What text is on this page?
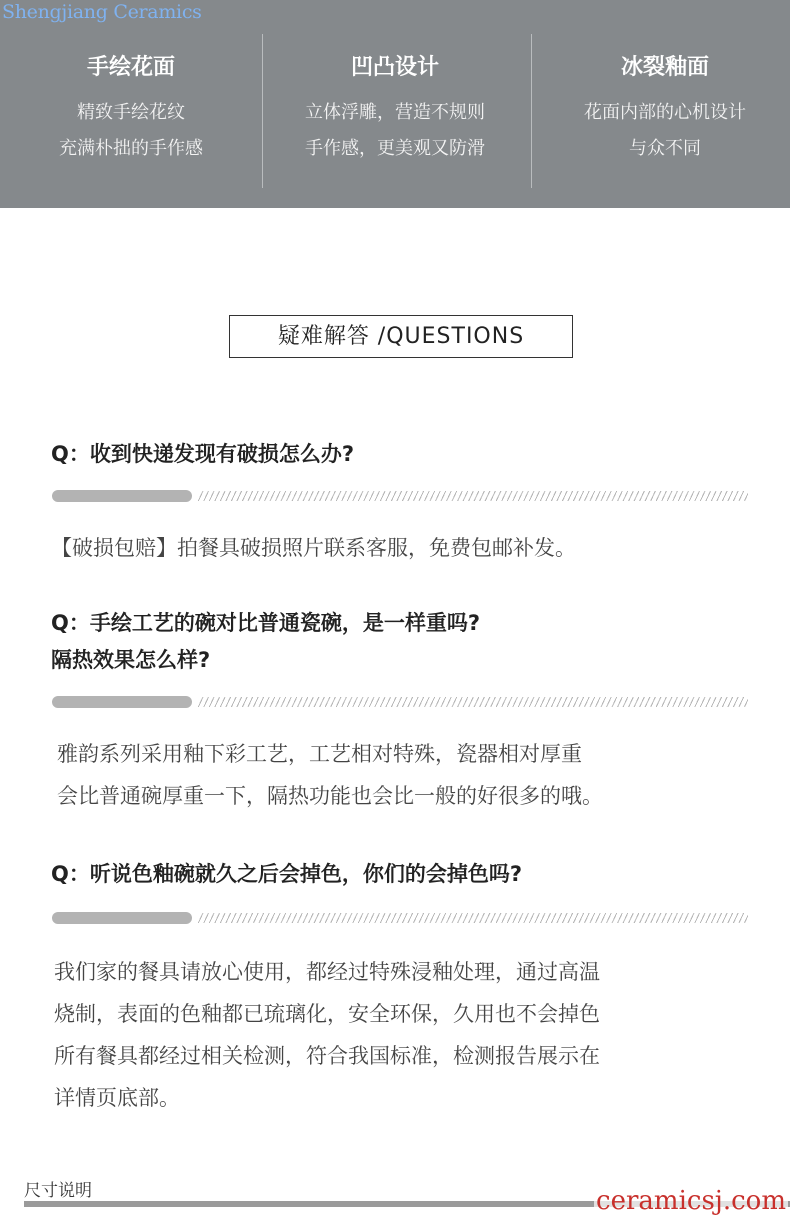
Shengjiang Ceramics
手绘花面
精致手绘花纹
充满朴拙的手作感
凹凸设计
立体浮雕，营造不规则
手作感，更美观又防滑
冰裂釉面
花面内部的心机设计
与众不同
疑难解答 /QUESTIONS
Q：收到快递发现有破损怎么办?
【破损包赔】拍餐具破损照片联系客服，免费包邮补发。
Q：手绘工艺的碗对比普通瓷碗，是一样重吗?
隔热效果怎么样?
雅韵系列采用釉下彩工艺，工艺相对特殊，瓷器相对厚重
会比普通碗厚重一下，隔热功能也会比一般的好很多的哦。
Q：听说色釉碗就久之后会掉色，你们的会掉色吗?
我们家的餐具请放心使用，都经过特殊浸釉处理，通过高温
烧制，表面的色釉都已琉璃化，安全环保，久用也不会掉色
所有餐具都经过相关检测，符合我国标准，检测报告展示在
详情页底部。
尺寸说明	ceramicsj.com
